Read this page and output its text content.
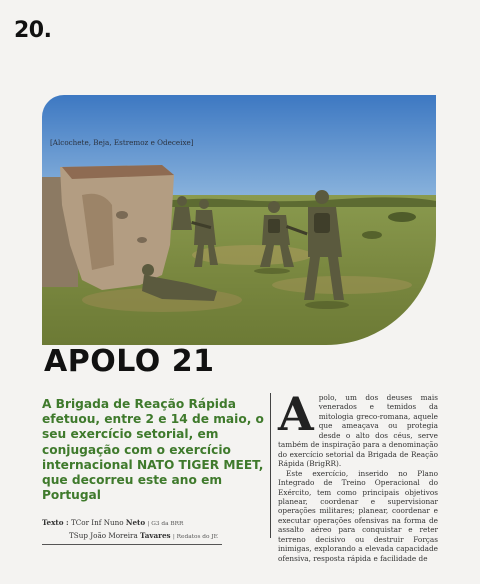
20.
[Alcochete, Beja, Estremoz e Odeceixe]
APOLO 21
A Brigada de Reação Rápida efetuou, entre 2 e 14 de maio, o seu exercício setorial, em conjugação com o exercício internacional NATO TIGER MEET, que decorreu este ano em Portugal
Texto : TCor Inf Nuno Neto | G3 da BRR
TSup João Moreira Tavares | Redatos do JE

Apolo, um dos deuses mais venerados e temidos da mitologia greco-romana, aquele que ameaçava ou protegia desde o alto dos céus, serve também de inspiração para a denominação do exercício setorial da Brigada de Reação Rápida (BrigRR).

Este exercício, inserido no Plano Integrado de Treino Operacional do Exército, tem como principais objetivos planear, coordenar e supervisionar operações militares; planear, coordenar e executar operações ofensivas na forma de assalto aéreo para conquistar e reter terreno decisivo ou destruir Forças inimigas, explorando a elevada capacidade ofensiva, resposta rápida e facilidade de
